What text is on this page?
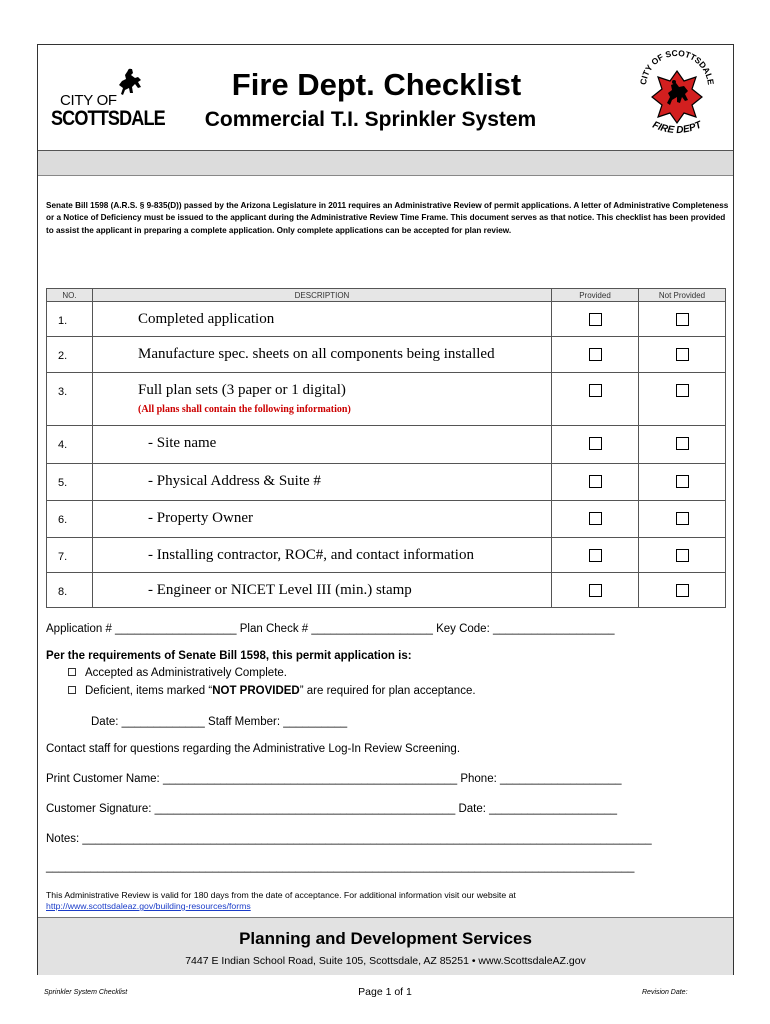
CITY OF
SCOTTSDALE
Fire Dept. Checklist
Commercial T.I. Sprinkler System
CITY OF SCOTTSDALE
FIRE DEPT
Senate Bill 1598 (A.R.S. § 9-835(D)) passed by the Arizona Legislature in 2011 requires an Administrative Review of permit applications. A letter of Administrative Completeness or a Notice of Deficiency must be issued to the applicant during the Administrative Review Time Frame. This document serves as that notice. This checklist has been provided to assist the applicant in preparing a complete application. Only complete applications can be accepted for plan review.
NO.	DESCRIPTION	Provided	Not Provided
1.	Completed application		
2.	Manufacture spec. sheets on all components being installed		
3.	Full plan sets (3 paper or 1 digital)
(All plans shall contain the following information)		

4.	- Site name		
5.	- Physical Address & Suite #		
6.	- Property Owner		
7.	- Installing contractor, ROC#, and contact information		
8.	- Engineer or NICET Level III (min.) stamp		
Application # ___________________ Plan Check # ___________________ Key Code: ___________________
Per the requirements of Senate Bill 1598, this permit application is:
Accepted as Administratively Complete.
Deficient, items marked “NOT PROVIDED” are required for plan acceptance.
Date: _____________ Staff Member: __________
Contact staff for questions regarding the Administrative Log-In Review Screening.
Print Customer Name: ______________________________________________ Phone: ___________________
Customer Signature: _______________________________________________ Date: ____________________
Notes: _________________________________________________________________________________________
____________________________________________________________________________________________
This Administrative Review is valid for 180 days from the date of acceptance. For additional information visit our website at
http://www.scottsdaleaz.gov/building-resources/forms
Planning and Development Services
7447 E Indian School Road, Suite 105, Scottsdale, AZ 85251 • www.ScottsdaleAZ.gov
Sprinkler System Checklist	Page 1 of 1	Revision Date:
